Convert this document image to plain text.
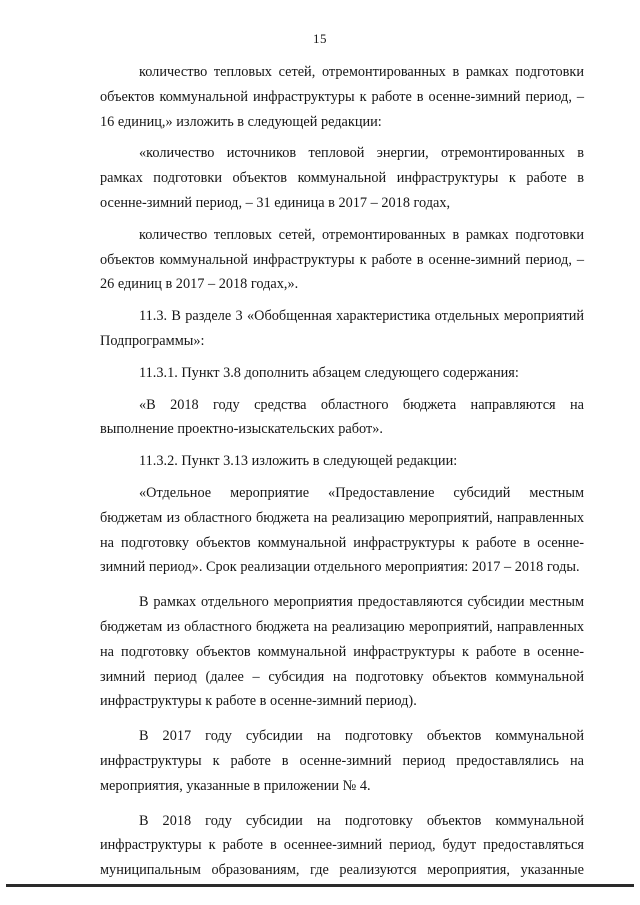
15

количество тепловых сетей, отремонтированных в рамках подготовки объектов коммунальной инфраструктуры к работе в осенне-зимний период, – 16 единиц,» изложить в следующей редакции:

«количество источников тепловой энергии, отремонтированных в рамках подготовки объектов коммунальной инфраструктуры к работе в осенне-зимний период, – 31 единица в 2017 – 2018 годах,

количество тепловых сетей, отремонтированных в рамках подготовки объектов коммунальной инфраструктуры к работе в осенне-зимний период, – 26 единиц в 2017 – 2018 годах,».

11.3. В разделе 3 «Обобщенная характеристика отдельных мероприятий Подпрограммы»:

11.3.1. Пункт 3.8 дополнить абзацем следующего содержания:

«В 2018 году средства областного бюджета направляются на выполнение проектно-изыскательских работ».

11.3.2. Пункт 3.13 изложить в следующей редакции:

«Отдельное мероприятие «Предоставление субсидий местным бюджетам из областного бюджета на реализацию мероприятий, направленных на подготовку объектов коммунальной инфраструктуры к работе в осенне-зимний период». Срок реализации отдельного мероприятия: 2017 – 2018 годы.

В рамках отдельного мероприятия предоставляются субсидии местным бюджетам из областного бюджета на реализацию мероприятий, направленных на подготовку объектов коммунальной инфраструктуры к работе в осенне-зимний период (далее – субсидия на подготовку объектов коммунальной инфраструктуры к работе в осенне-зимний период).

В 2017 году субсидии на подготовку объектов коммунальной инфраструктуры к работе в осенне-зимний период предоставлялись на мероприятия, указанные в приложении № 4.

В 2018 году субсидии на подготовку объектов коммунальной инфраструктуры к работе в осеннее-зимний период, будут предоставляться муниципальным образованиям, где реализуются мероприятия, указанные
